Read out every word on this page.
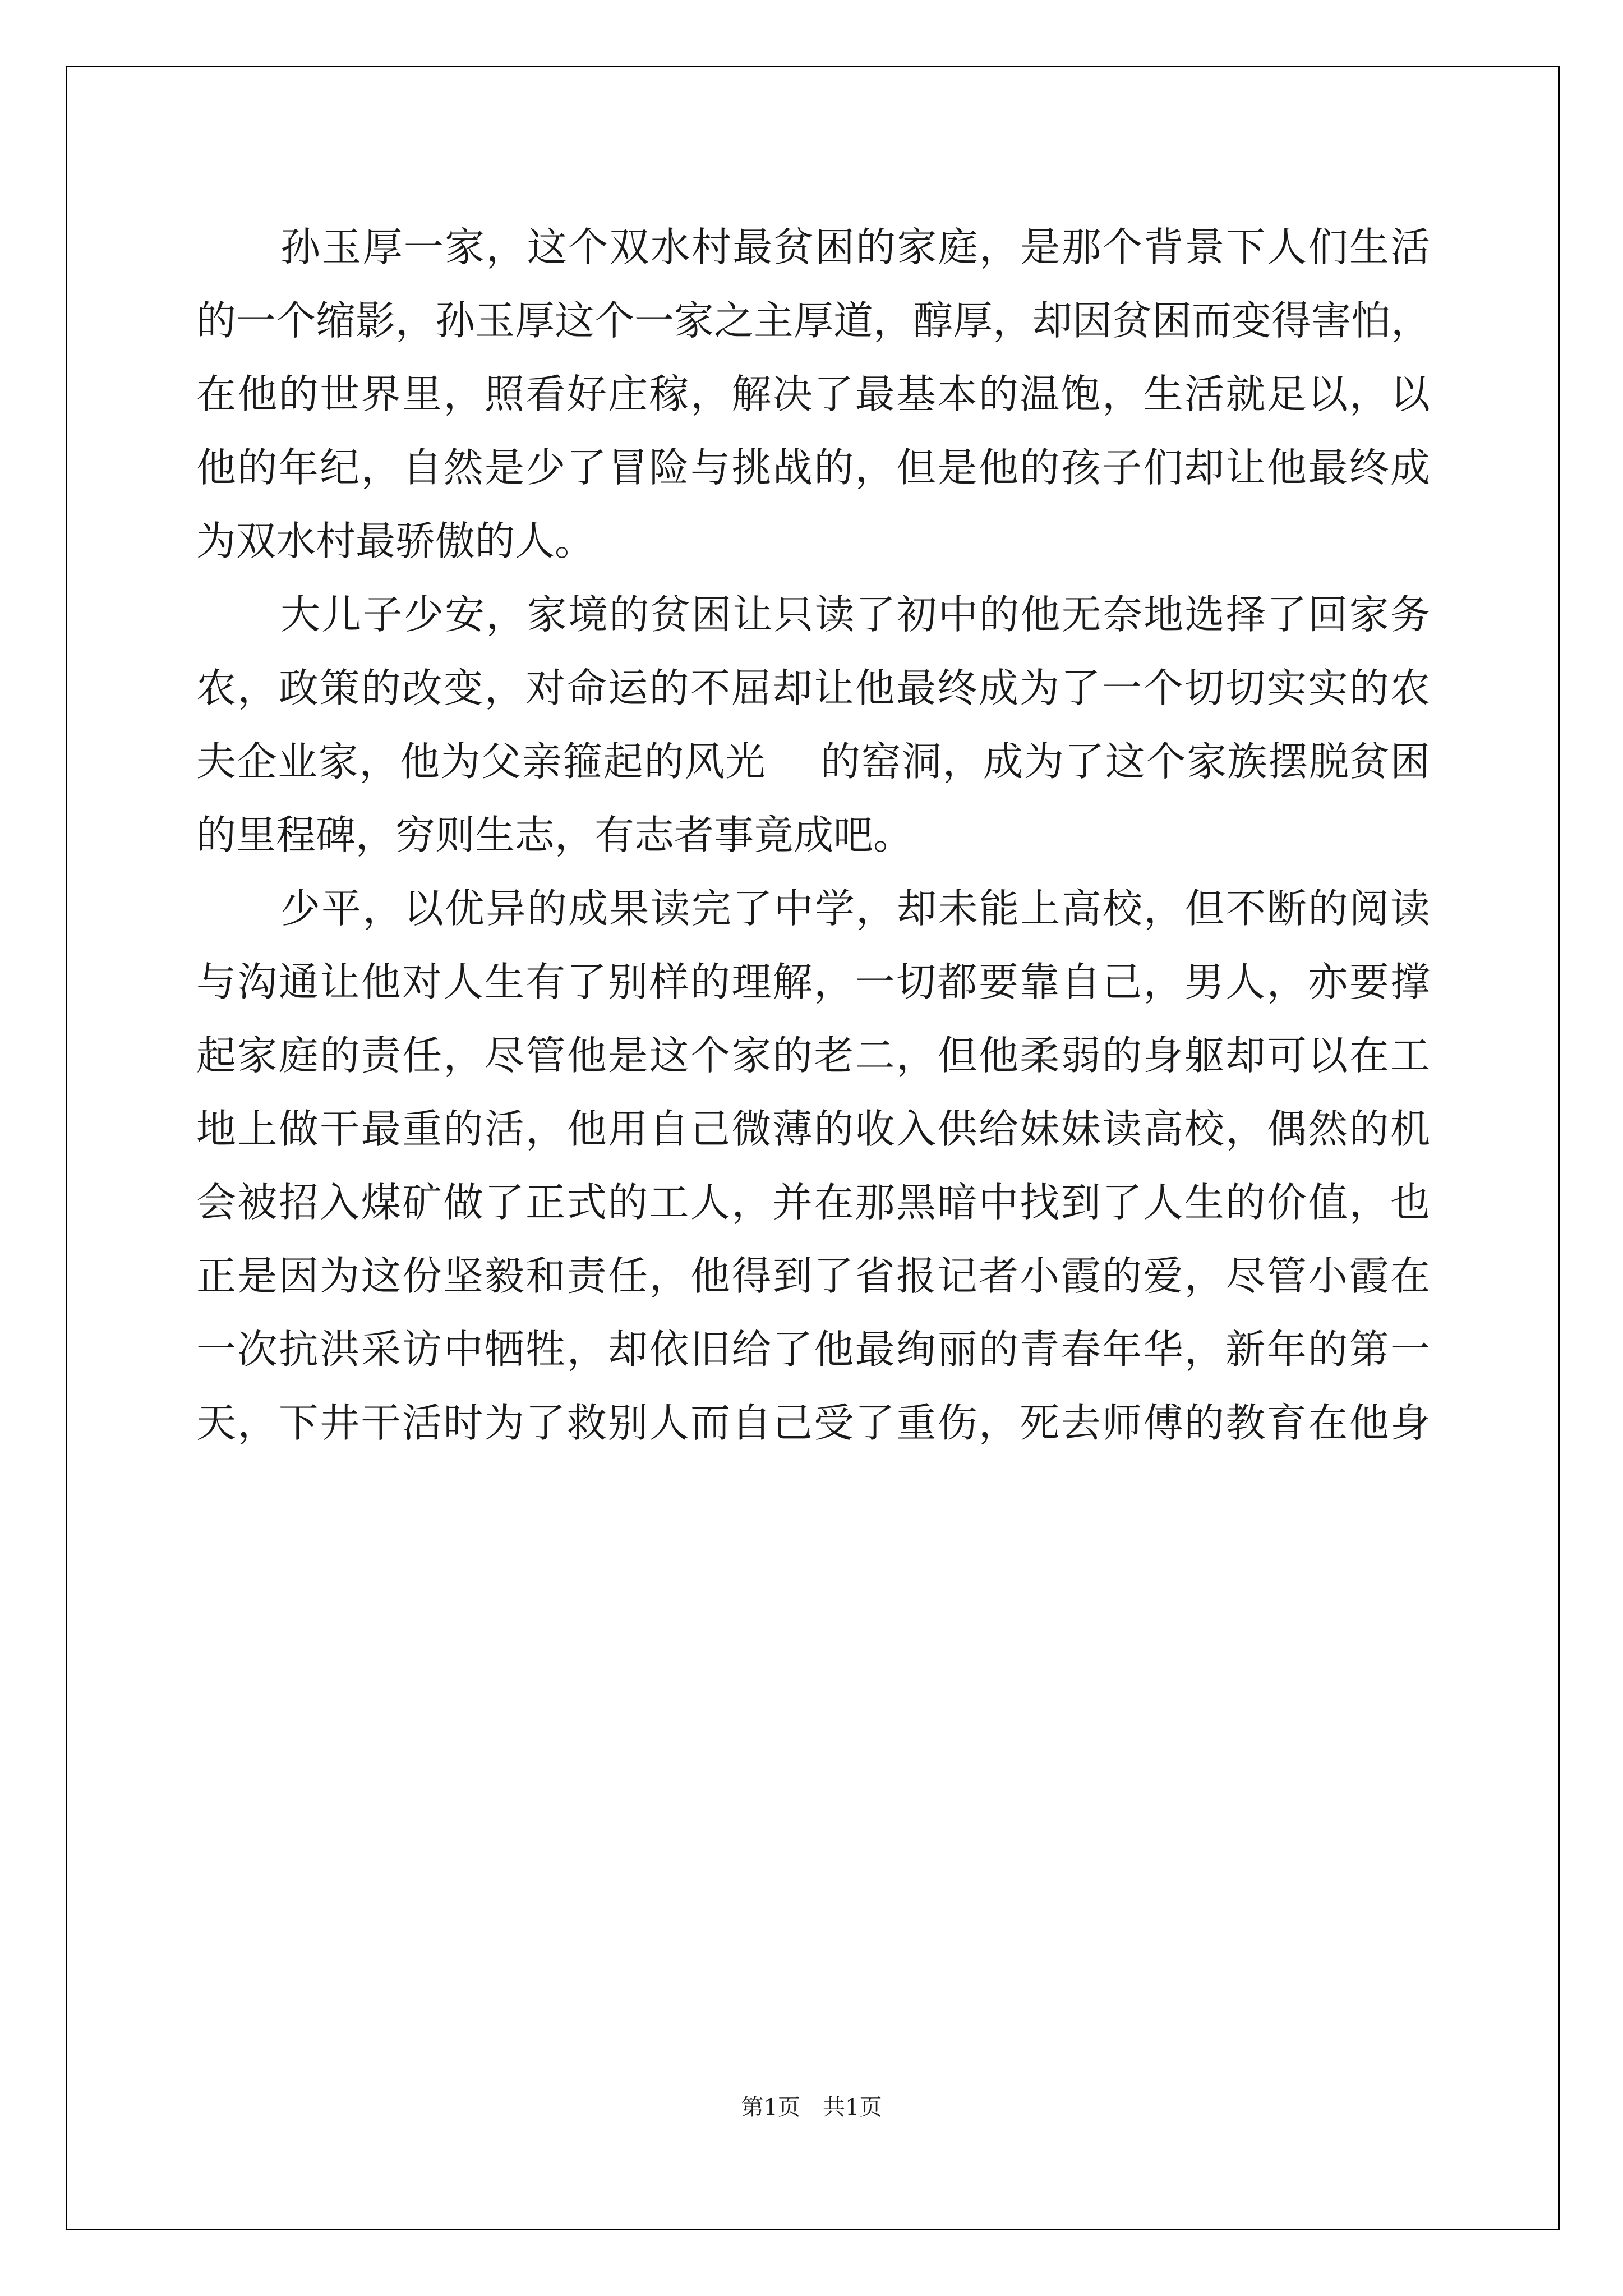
孙玉厚一家，这个双水村最贫困的家庭，是那个背景下人们生活
的一个缩影，孙玉厚这个一家之主厚道，醇厚，却因贫困而变得害怕，
在他的世界里，照看好庄稼，解决了最基本的温饱，生活就足以，以
他的年纪，自然是少了冒险与挑战的，但是他的孩子们却让他最终成
为双水村最骄傲的人。
大儿子少安，家境的贫困让只读了初中的他无奈地选择了回家务
农，政策的改变，对命运的不屈却让他最终成为了一个切切实实的农
夫企业家，他为父亲箍起的风光　 的窑洞，成为了这个家族摆脱贫困
的里程碑，穷则生志，有志者事竟成吧。
少平，以优异的成果读完了中学，却未能上高校，但不断的阅读
与沟通让他对人生有了别样的理解，一切都要靠自己，男人，亦要撑
起家庭的责任，尽管他是这个家的老二，但他柔弱的身躯却可以在工
地上做干最重的活，他用自己微薄的收入供给妹妹读高校，偶然的机
会被招入煤矿做了正式的工人，并在那黑暗中找到了人生的价值，也
正是因为这份坚毅和责任，他得到了省报记者小霞的爱，尽管小霞在
一次抗洪采访中牺牲，却依旧给了他最绚丽的青春年华，新年的第一
天，下井干活时为了救别人而自己受了重伤，死去师傅的教育在他身
第1页　共1页
